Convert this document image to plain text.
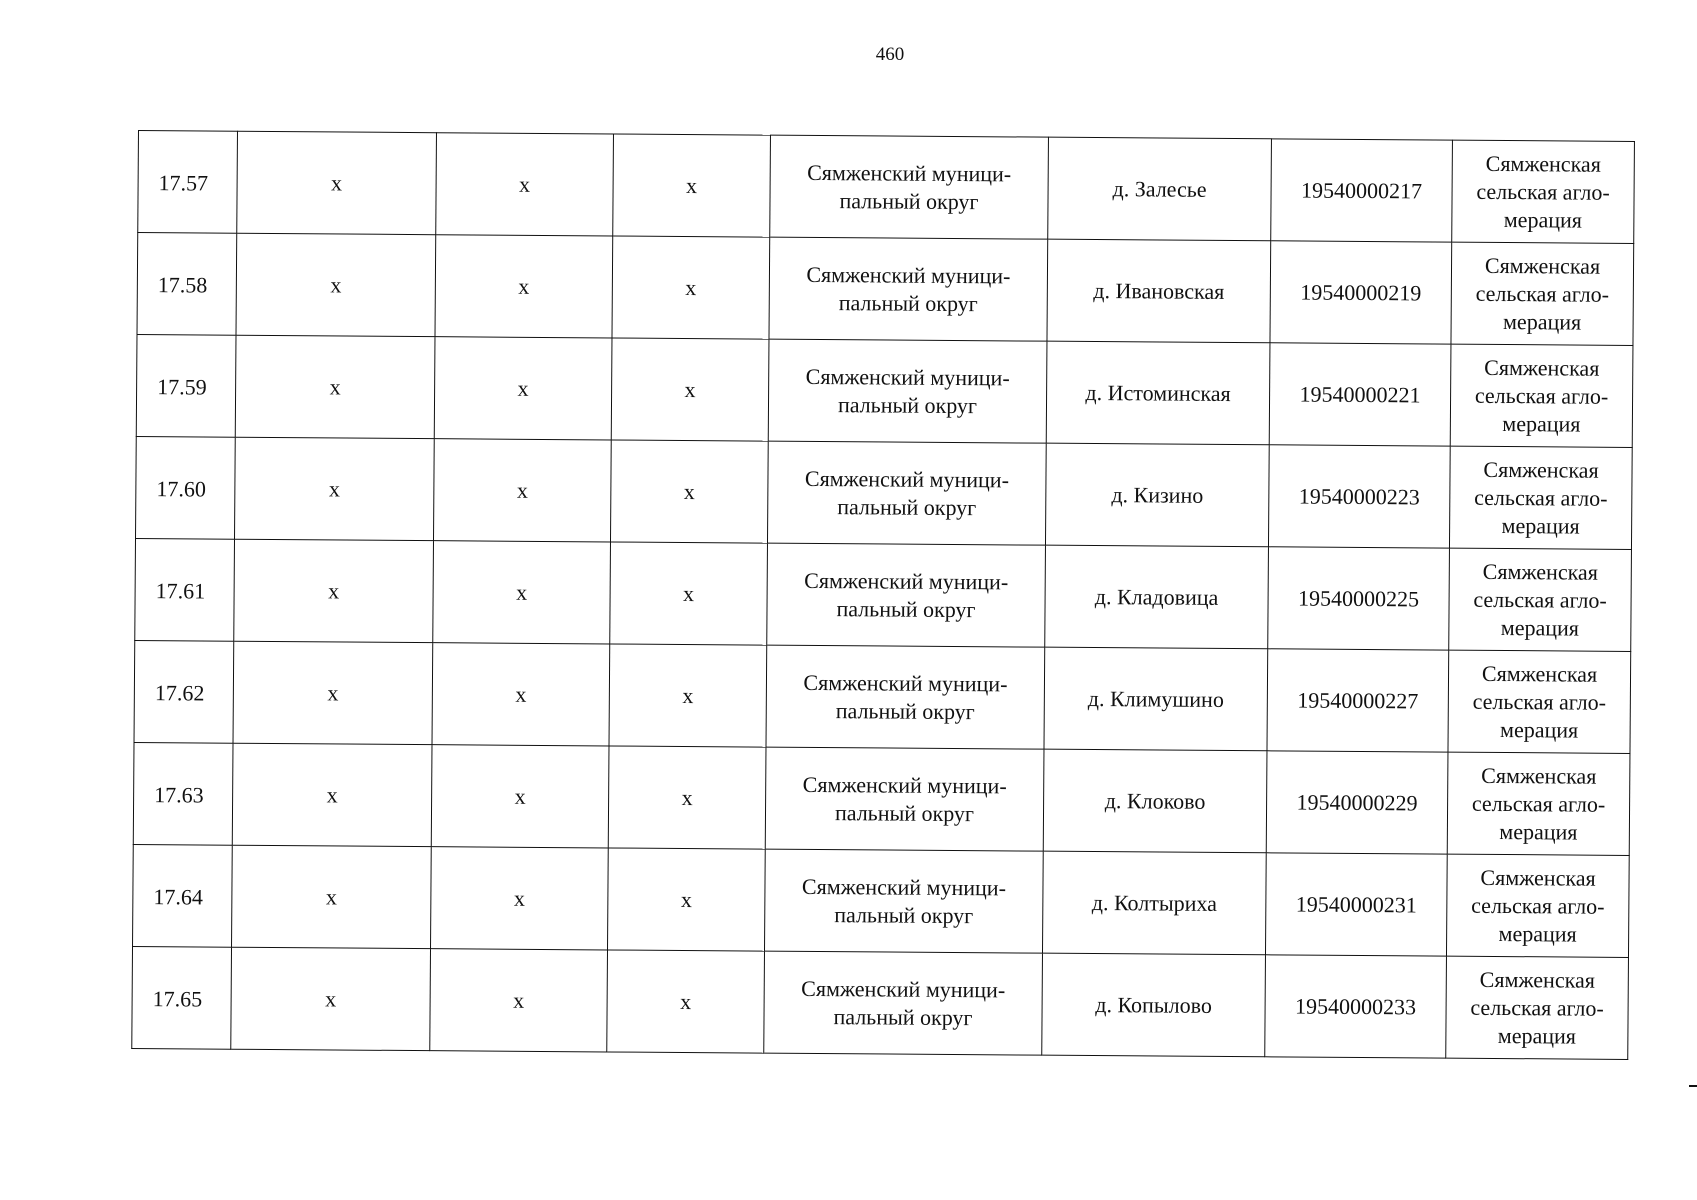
460
17.57	x	x	x	Сямженский муници-пальный округ	д. Залесье	19540000217	Сямженская сельская агло-мерация
17.58	x	x	x	Сямженский муници-пальный округ	д. Ивановская	19540000219	Сямженская сельская агло-мерация
17.59	x	x	x	Сямженский муници-пальный округ	д. Истоминская	19540000221	Сямженская сельская агло-мерация
17.60	x	x	x	Сямженский муници-пальный округ	д. Кизино	19540000223	Сямженская сельская агло-мерация
17.61	x	x	x	Сямженский муници-пальный округ	д. Кладовица	19540000225	Сямженская сельская агло-мерация
17.62	x	x	x	Сямженский муници-пальный округ	д. Климушино	19540000227	Сямженская сельская агло-мерация
17.63	x	x	x	Сямженский муници-пальный округ	д. Клоково	19540000229	Сямженская сельская агло-мерация
17.64	x	x	x	Сямженский муници-пальный округ	д. Колтыриха	19540000231	Сямженская сельская агло-мерация
17.65	x	x	x	Сямженский муници-пальный округ	д. Копылово	19540000233	Сямженская сельская агло-мерация
